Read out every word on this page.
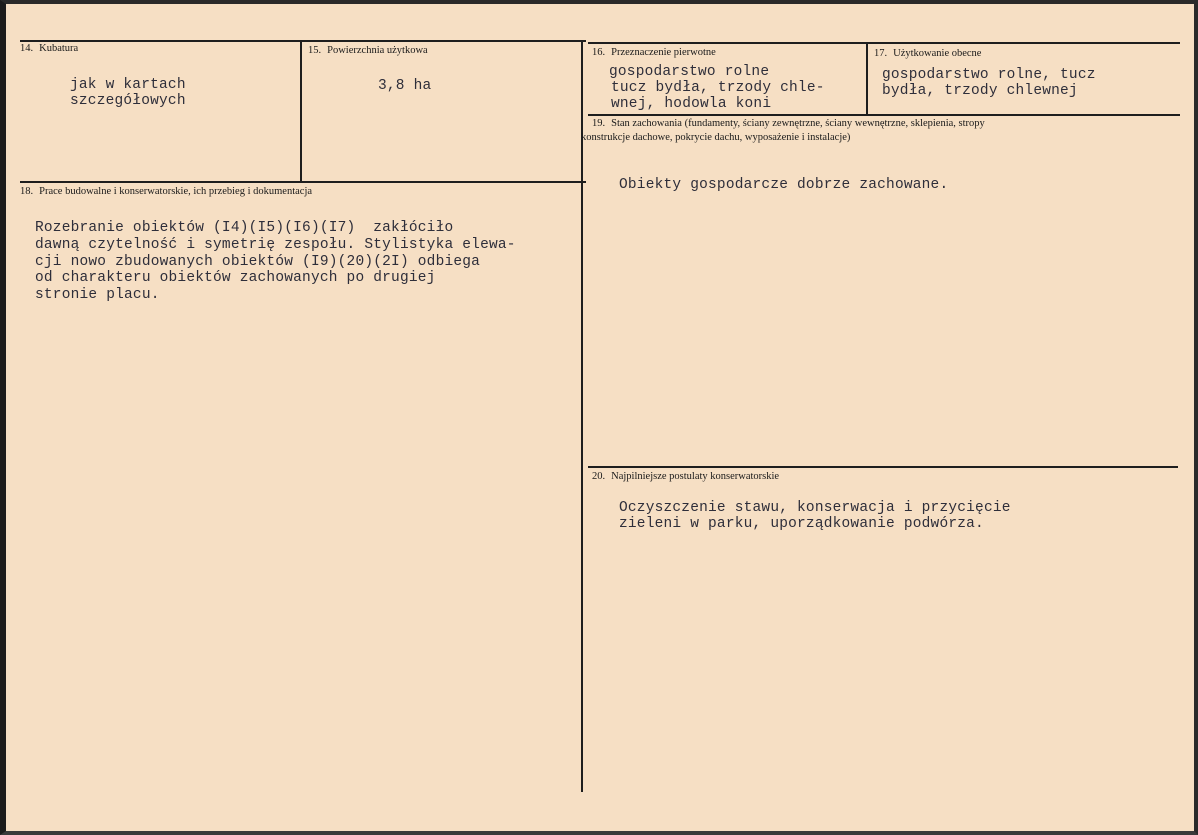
14. Kubatura
jak w kartach
szczegółowych
15. Powierzchnia użytkowa
3,8 ha
16. Przeznaczenie pierwotne
gospodarstwo rolne
tucz bydła, trzody chle-
wnej, hodowla koni
17. Użytkowanie obecne
gospodarstwo rolne, tucz
bydła, trzody chlewnej
18. Prace budowalne i konserwatorskie, ich przebieg i dokumentacja
Rozebranie obiektów (I4)(I5)(I6)(I7)  zakłóciło
dawną czytelność i symetrię zespołu. Stylistyka elewa-
cji nowo zbudowanych obiektów (I9)(20)(2I) odbiega
od charakteru obiektów zachowanych po drugiej
stronie placu.
19. Stan zachowania (fundamenty, ściany zewnętrzne, ściany wewnętrzne, sklepienia, stropy
konstrukcje dachowe, pokrycie dachu, wyposażenie i instalacje)
Obiekty gospodarcze dobrze zachowane.
20. Najpilniejsze postulaty konserwatorskie
Oczyszczenie stawu, konserwacja i przycięcie
zieleni w parku, uporządkowanie podwórza.
